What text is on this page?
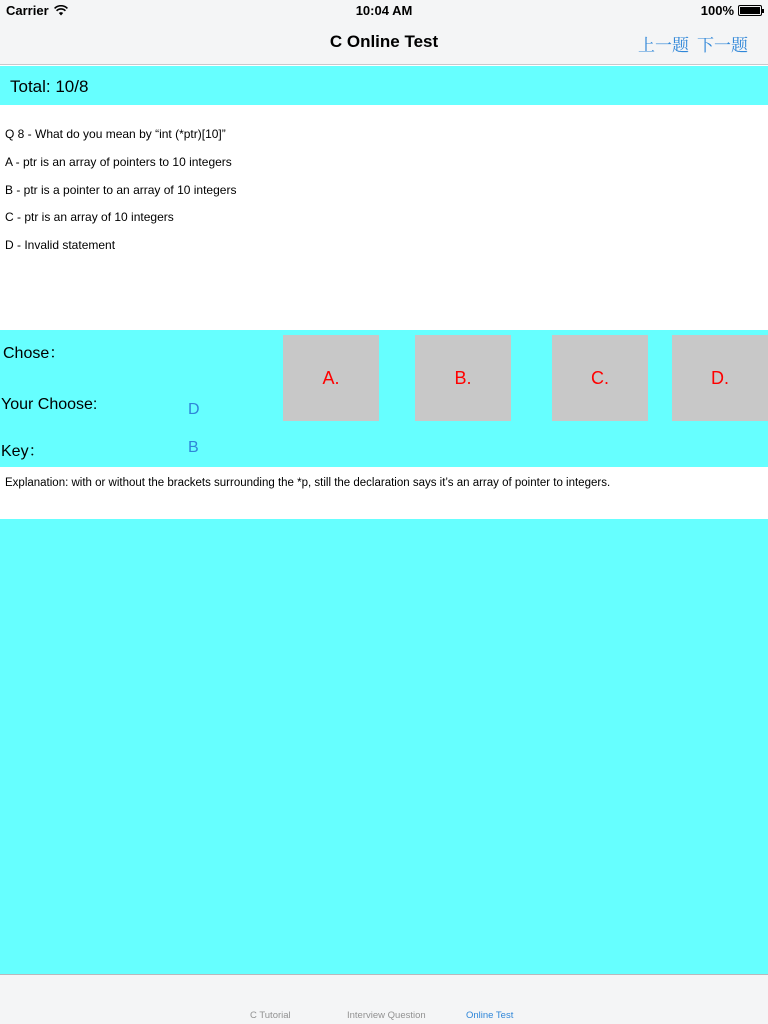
Carrier	10:04 AM	100%
C Online Test	上一题 下一题
Total: 10/8
Q 8 - What do you mean by “int (*ptr)[10]”
A - ptr is an array of pointers to 10 integers
B - ptr is a pointer to an array of 10 integers
C - ptr is an array of 10 integers
D - Invalid statement
Chose：
Your Choose:	D
Key：	B
A.	B.	C.	D.
Explanation: with or without the brackets surrounding the *p, still the declaration says it’s an array of pointer to integers.
C Tutorial	Interview Question	Online Test
